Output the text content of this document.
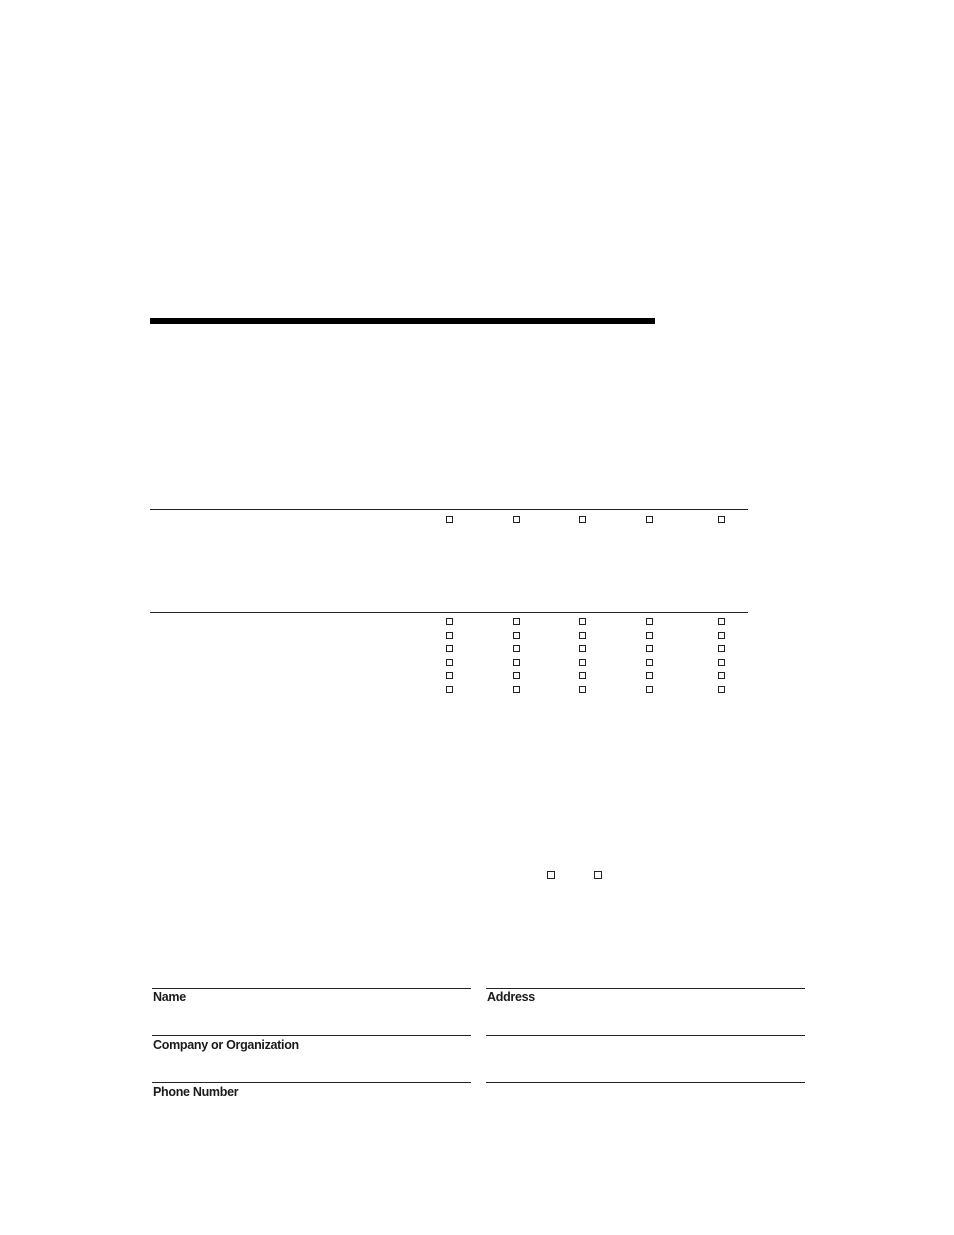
Name	Address
Company or Organization
Phone Number
